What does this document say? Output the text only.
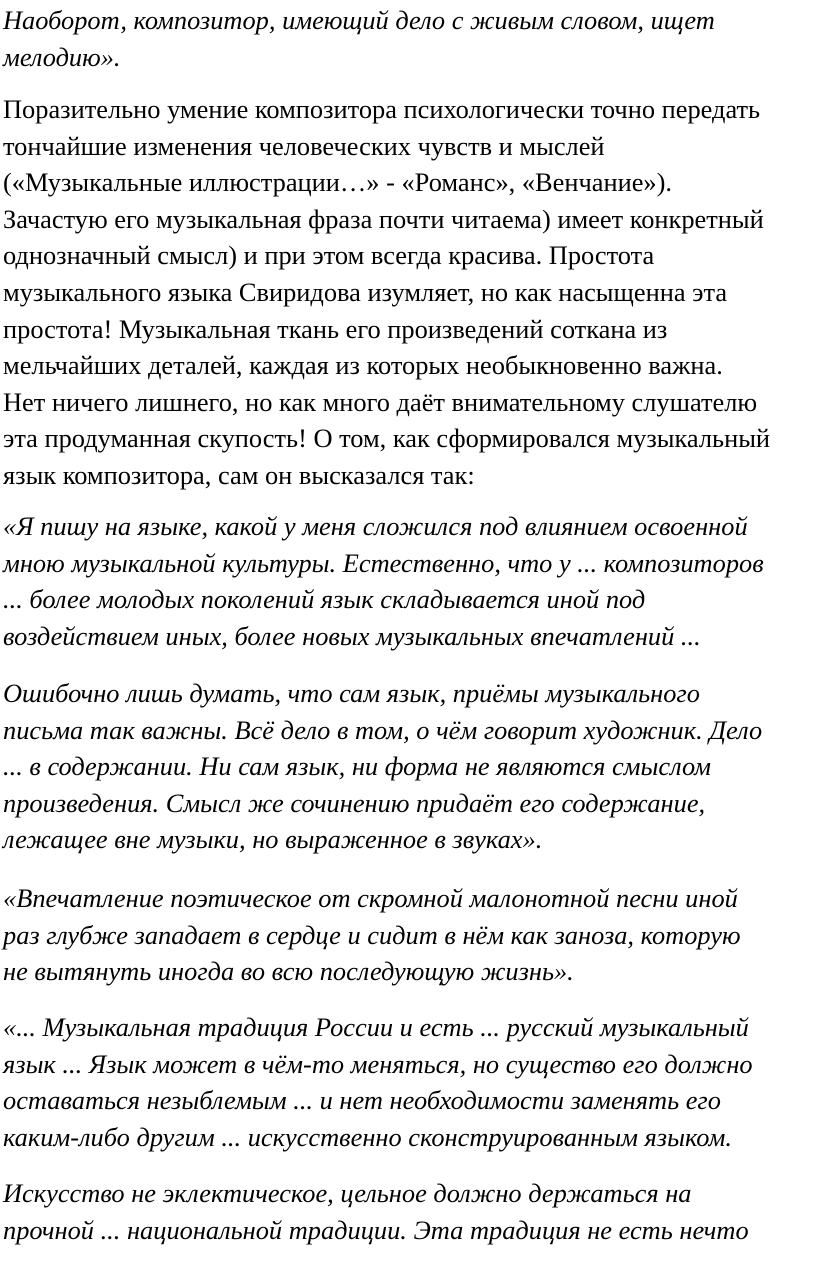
Наоборот, композитор, имеющий дело с живым словом, ищет
мелодию».

Поразительно умение композитора психологически точно передать
тончайшие изменения человеческих чувств и мыслей
(«Музыкальные иллюстрации…» - «Романс», «Венчание»).
Зачастую его музыкальная фраза почти читаема) имеет конкретный
однозначный смысл) и при этом всегда красива. Простота
музыкального языка Свиридова изумляет, но как насыщенна эта
простота! Музыкальная ткань его произведений соткана из
мельчайших деталей, каждая из которых необыкновенно важна.
Нет ничего лишнего, но как много даёт внимательному слушателю
эта продуманная скупость! О том, как сформировался музыкальный
язык композитора, сам он высказался так:

«Я пишу на языке, какой у меня сложился под влиянием освоенной
мною музыкальной культуры. Естественно, что у ... композиторов
... более молодых поколений язык складывается иной под
воздействием иных, более новых музыкальных впечатлений ...

Ошибочно лишь думать, что сам язык, приёмы музыкального
письма так важны. Всё дело в том, о чём говорит художник. Дело
... в содержании. Ни сам язык, ни форма не являются смыслом
произведения. Смысл же сочинению придаёт его содержание,
лежащее вне музыки, но выраженное в звуках».

«Впечатление поэтическое от скромной малонотной песни иной
раз глубже западает в сердце и сидит в нём как заноза, которую
не вытянуть иногда во всю последующую жизнь».

«... Музыкальная традиция России и есть ... русский музыкальный
язык ... Язык может в чём-то меняться, но существо его должно
оставаться незыблемым ... и нет необходимости заменять его
каким-либо другим ... искусственно сконструированным языком.

Искусство не эклектическое, цельное должно держаться на
прочной ... национальной традиции. Эта традиция не есть нечто
